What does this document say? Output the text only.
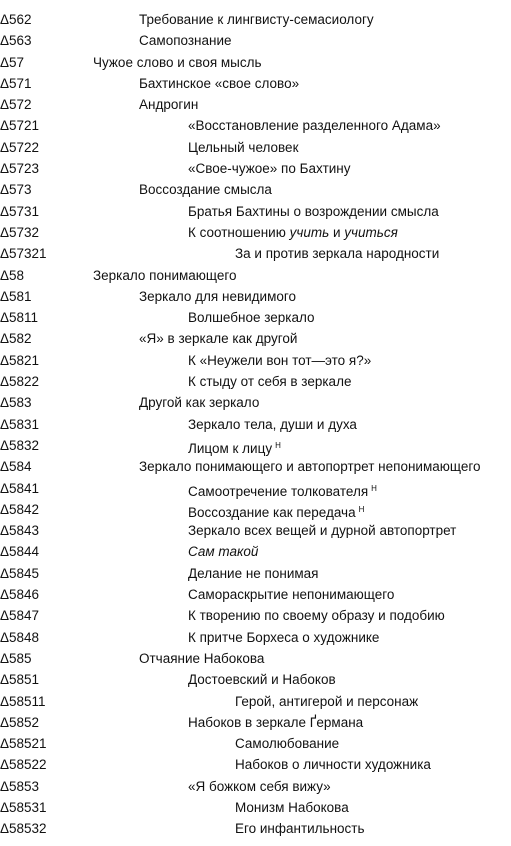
Δ562	Требование к лингвисту-семасиологу
Δ563	Самопознание
Δ57	Чужое слово и своя мысль
Δ571	Бахтинское «свое слово»
Δ572	Андрогин
Δ5721	«Восстановление разделенного Адама»
Δ5722	Цельный человек
Δ5723	«Свое-чужое» по Бахтину
Δ573	Воссоздание смысла
Δ5731	Братья Бахтины о возрождении смысла
Δ5732	К соотношению учить и учиться
Δ57321	За и против зеркала народности
Δ58	Зеркало понимающего
Δ581	Зеркало для невидимого
Δ5811	Волшебное зеркало
Δ582	«Я» в зеркале как другой
Δ5821	К «Неужели вон тот—это я?»
Δ5822	К стыду от себя в зеркале
Δ583	Другой как зеркало
Δ5831	Зеркало тела, души и духа
Δ5832	Лицом к лицу $^H$
Δ584	Зеркало понимающего и автопортрет непонимающего
Δ5841	Самоотречение толкователя $^H$
Δ5842	Воссоздание как передача $^H$
Δ5843	Зеркало всех вещей и дурной автопортрет
Δ5844	Сам такой
Δ5845	Делание не понимая
Δ5846	Самораскрытие непонимающего
Δ5847	К творению по своему образу и подобию
Δ5848	К притче Борхеса о художнике
Δ585	Отчаяние Набокова
Δ5851	Достоевский и Набоков
Δ58511	Герой, антигерой и персонаж
Δ5852	Набоков в зеркале Ґермана
Δ58521	Самолюбование
Δ58522	Набоков о личности художника
Δ5853	«Я божком себя вижу»
Δ58531	Монизм Набокова
Δ58532	Его инфантильность
